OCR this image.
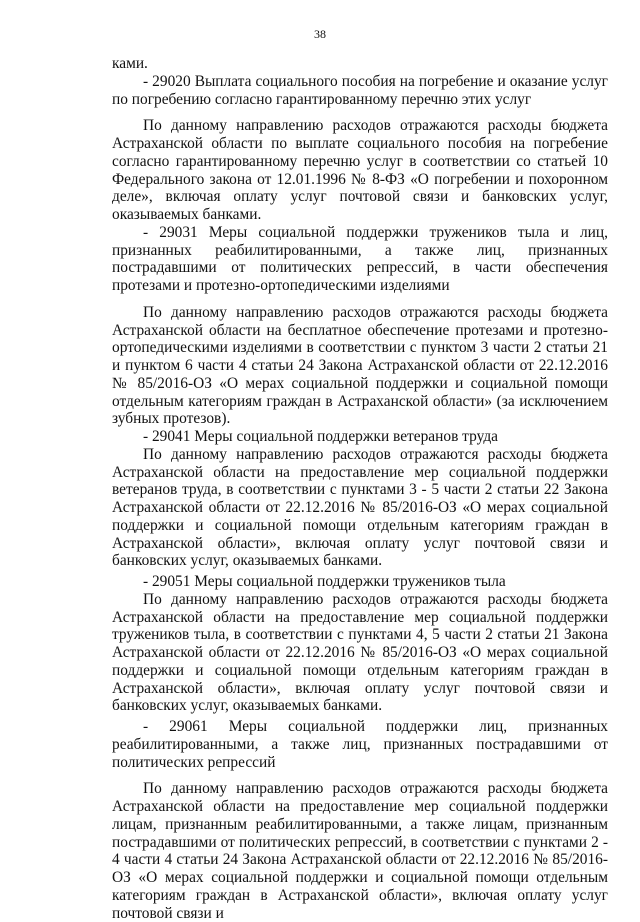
38

ками.

- 29020 Выплата социального пособия на погребение и оказание услуг по погребению согласно гарантированному перечню этих услуг

По данному направлению расходов отражаются расходы бюджета Астраханской области по выплате социального пособия на погребение согласно гарантированному перечню услуг в соответствии со статьей 10 Федерального закона от 12.01.1996 № 8-ФЗ «О погребении и похоронном деле», включая оплату услуг почтовой связи и банковских услуг, оказываемых банками.

- 29031 Меры социальной поддержки тружеников тыла и лиц, признанных реабилитированными, а также лиц, признанных пострадавшими от политических репрессий, в части обеспечения протезами и протезно-ортопедическими изделиями

По данному направлению расходов отражаются расходы бюджета Астраханской области на бесплатное обеспечение протезами и протезно-ортопедическими изделиями в соответствии с пунктом 3 части 2 статьи 21 и пунктом 6 части 4 статьи 24 Закона Астраханской области от 22.12.2016 № 85/2016-ОЗ «О мерах социальной поддержки и социальной помощи отдельным категориям граждан в Астраханской области» (за исключением зубных протезов).

- 29041 Меры социальной поддержки ветеранов труда

По данному направлению расходов отражаются расходы бюджета Астраханской области на предоставление мер социальной поддержки ветеранов труда, в соответствии с пунктами 3 - 5 части 2 статьи 22 Закона Астраханской области от 22.12.2016 № 85/2016-ОЗ «О мерах социальной поддержки и социальной помощи отдельным категориям граждан в Астраханской области», включая оплату услуг почтовой связи и банковских услуг, оказываемых банками.

- 29051 Меры социальной поддержки тружеников тыла

По данному направлению расходов отражаются расходы бюджета Астраханской области на предоставление мер социальной поддержки тружеников тыла, в соответствии с пунктами 4, 5 части 2 статьи 21 Закона Астраханской области от 22.12.2016 № 85/2016-ОЗ «О мерах социальной поддержки и социальной помощи отдельным категориям граждан в Астраханской области», включая оплату услуг почтовой связи и банковских услуг, оказываемых банками.

- 29061 Меры социальной поддержки лиц, признанных реабилитированными, а также лиц, признанных пострадавшими от политических репрессий

По данному направлению расходов отражаются расходы бюджета Астраханской области на предоставление мер социальной поддержки лицам, признанным реабилитированными, а также лицам, признанным пострадавшими от политических репрессий, в соответствии с пунктами 2 - 4 части 4 статьи 24 Закона Астраханской области от 22.12.2016 № 85/2016-ОЗ «О мерах социальной поддержки и социальной помощи отдельным категориям граждан в Астраханской области», включая оплату услуг почтовой связи и
